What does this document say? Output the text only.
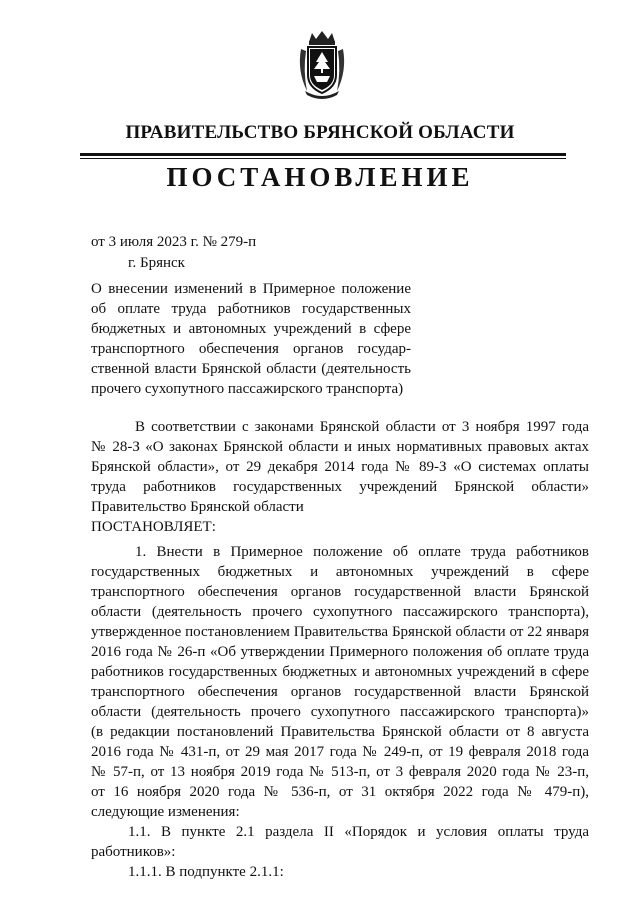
ПРАВИТЕЛЬСТВО БРЯНСКОЙ ОБЛАСТИ
ПОСТАНОВЛЕНИЕ
от 3 июля 2023 г. № 279-п
г. Брянск
О внесении изменений в Примерное положение
об оплате труда работников государственных
бюджетных и автономных учреждений в сфере
транспортного обеспечения органов государ-
ственной власти Брянской области (деятельность
прочего сухопутного пассажирского транспорта)
В соответствии с законами Брянской области от 3 ноября 1997 года
№ 28-З «О законах Брянской области и иных нормативных правовых актах
Брянской области», от 29 декабря 2014 года № 89-З «О системах оплаты
труда работников государственных учреждений Брянской области»
Правительство Брянской области
ПОСТАНОВЛЯЕТ:
1. Внести в Примерное положение об оплате труда работников
государственных бюджетных и автономных учреждений в сфере
транспортного обеспечения органов государственной власти Брянской
области (деятельность прочего сухопутного пассажирского транспорта),
утвержденное постановлением Правительства Брянской области от 22 января
2016 года № 26-п «Об утверждении Примерного положения об оплате труда
работников государственных бюджетных и автономных учреждений в сфере
транспортного обеспечения органов государственной власти Брянской
области (деятельность прочего сухопутного пассажирского транспорта)»
(в редакции постановлений Правительства Брянской области от 8 августа
2016 года № 431-п, от 29 мая 2017 года № 249-п, от 19 февраля 2018 года
№ 57-п, от 13 ноября 2019 года № 513-п, от 3 февраля 2020 года № 23-п,
от 16 ноября 2020 года № 536-п, от 31 октября 2022 года № 479-п),
следующие изменения:
1.1. В пункте 2.1 раздела II «Порядок и условия оплаты труда
работников»:
1.1.1. В подпункте 2.1.1:
